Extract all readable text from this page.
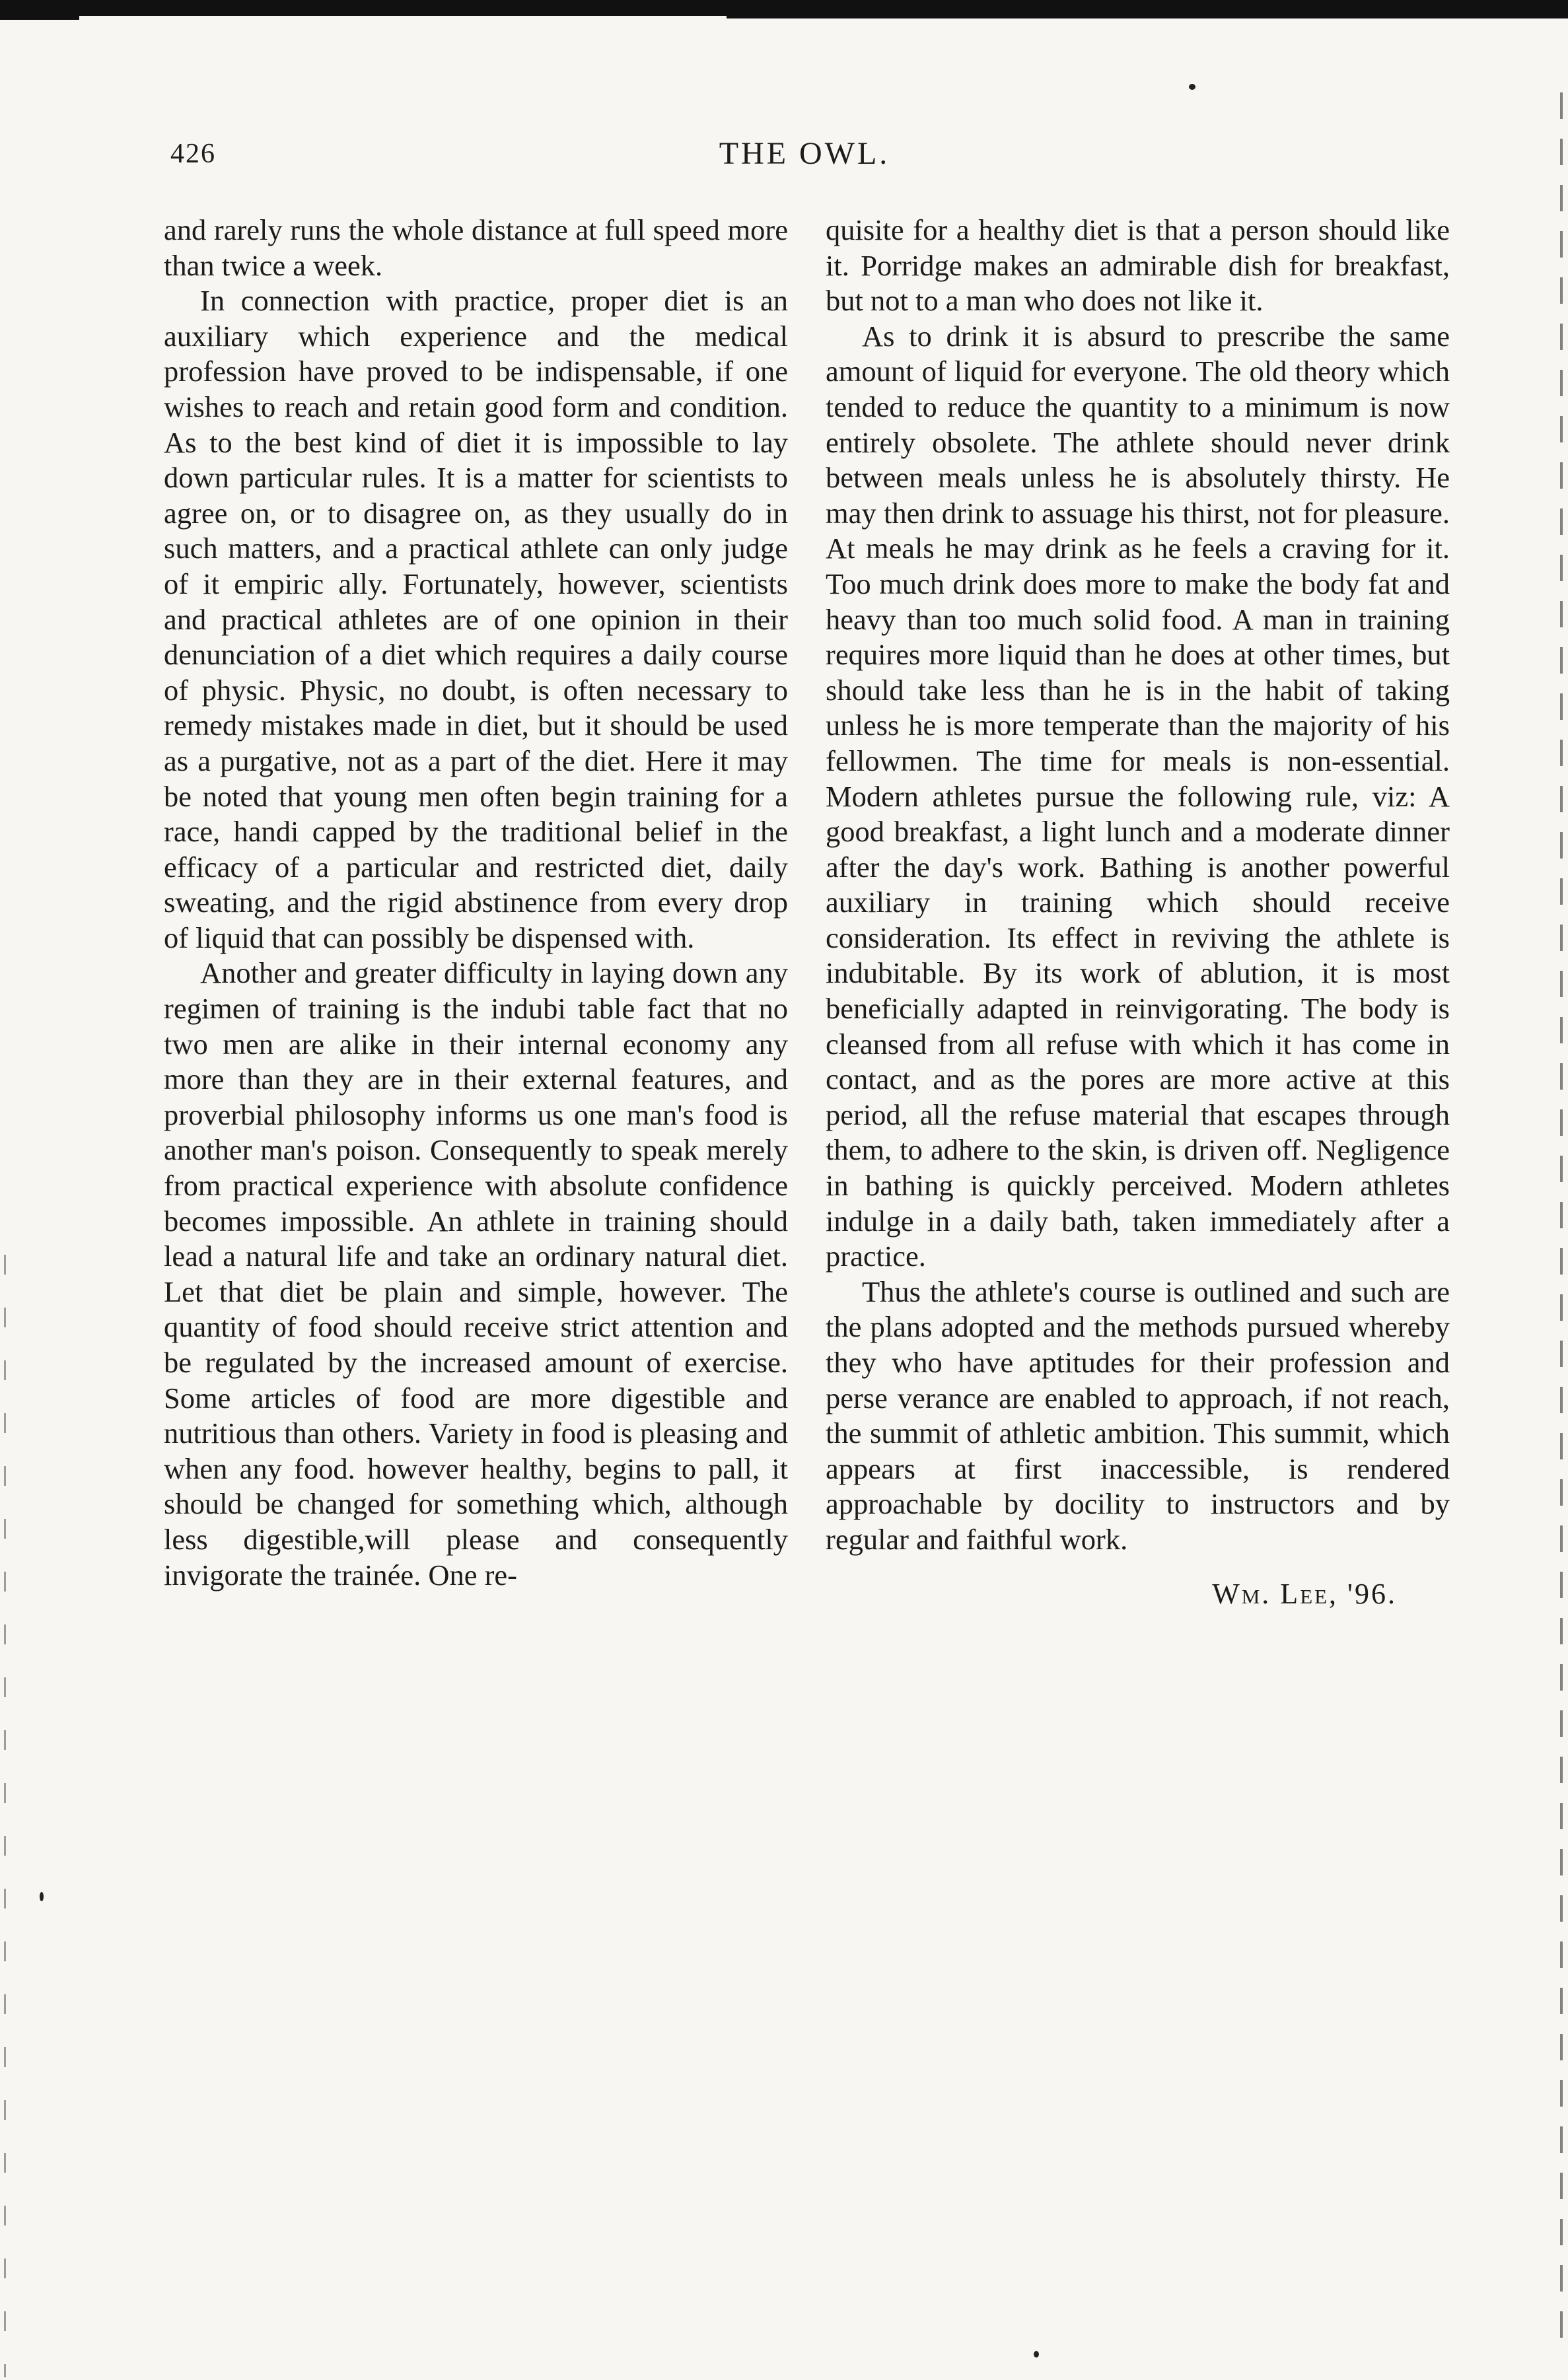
426	THE OWL.

and rarely runs the whole distance at full speed more than twice a week.

In connection with practice, proper diet is an auxiliary which experience and the medical profession have proved to be indispensable, if one wishes to reach and retain good form and condition. As to the best kind of diet it is impossible to lay down particular rules. It is a matter for scientists to agree on, or to disagree on, as they usually do in such matters, and a practical athlete can only judge of it empiric ally. Fortunately, however, scientists and practical athletes are of one opinion in their denunciation of a diet which requires a daily course of physic. Physic, no doubt, is often necessary to remedy mistakes made in diet, but it should be used as a purgative, not as a part of the diet. Here it may be noted that young men often begin training for a race, handi capped by the traditional belief in the efficacy of a particular and restricted diet, daily sweating, and the rigid abstinence from every drop of liquid that can possibly be dispensed with.

Another and greater difficulty in laying down any regimen of training is the indubi table fact that no two men are alike in their internal economy any more than they are in their external features, and proverbial philosophy informs us one man's food is another man's poison. Consequently to speak merely from practical experience with absolute confidence becomes impossible. An athlete in training should lead a natural life and take an ordinary natural diet. Let that diet be plain and simple, however. The quantity of food should receive strict attention and be regulated by the increased amount of exercise. Some articles of food are more digestible and nutritious than others. Variety in food is pleasing and when any food. however healthy, begins to pall, it should be changed for something which, although less digestible,will please and consequently invigorate the trainée. One re-

quisite for a healthy diet is that a person should like it. Porridge makes an admirable dish for breakfast, but not to a man who does not like it.

As to drink it is absurd to prescribe the same amount of liquid for everyone. The old theory which tended to reduce the quantity to a minimum is now entirely obsolete. The athlete should never drink between meals unless he is absolutely thirsty. He may then drink to assuage his thirst, not for pleasure. At meals he may drink as he feels a craving for it. Too much drink does more to make the body fat and heavy than too much solid food. A man in training requires more liquid than he does at other times, but should take less than he is in the habit of taking unless he is more temperate than the majority of his fellowmen. The time for meals is non-essential. Modern athletes pursue the following rule, viz: A good breakfast, a light lunch and a moderate dinner after the day's work. Bathing is another powerful auxiliary in training which should receive consideration. Its effect in reviving the athlete is indubitable. By its work of ablution, it is most beneficially adapted in reinvigorating. The body is cleansed from all refuse with which it has come in contact, and as the pores are more active at this period, all the refuse material that escapes through them, to adhere to the skin, is driven off. Negligence in bathing is quickly perceived. Modern athletes indulge in a daily bath, taken immediately after a practice.

Thus the athlete's course is outlined and such are the plans adopted and the methods pursued whereby they who have aptitudes for their profession and perse verance are enabled to approach, if not reach, the summit of athletic ambition. This summit, which appears at first inaccessible, is rendered approachable by docility to instructors and by regular and faithful work.

Wm. Lee, '96.
